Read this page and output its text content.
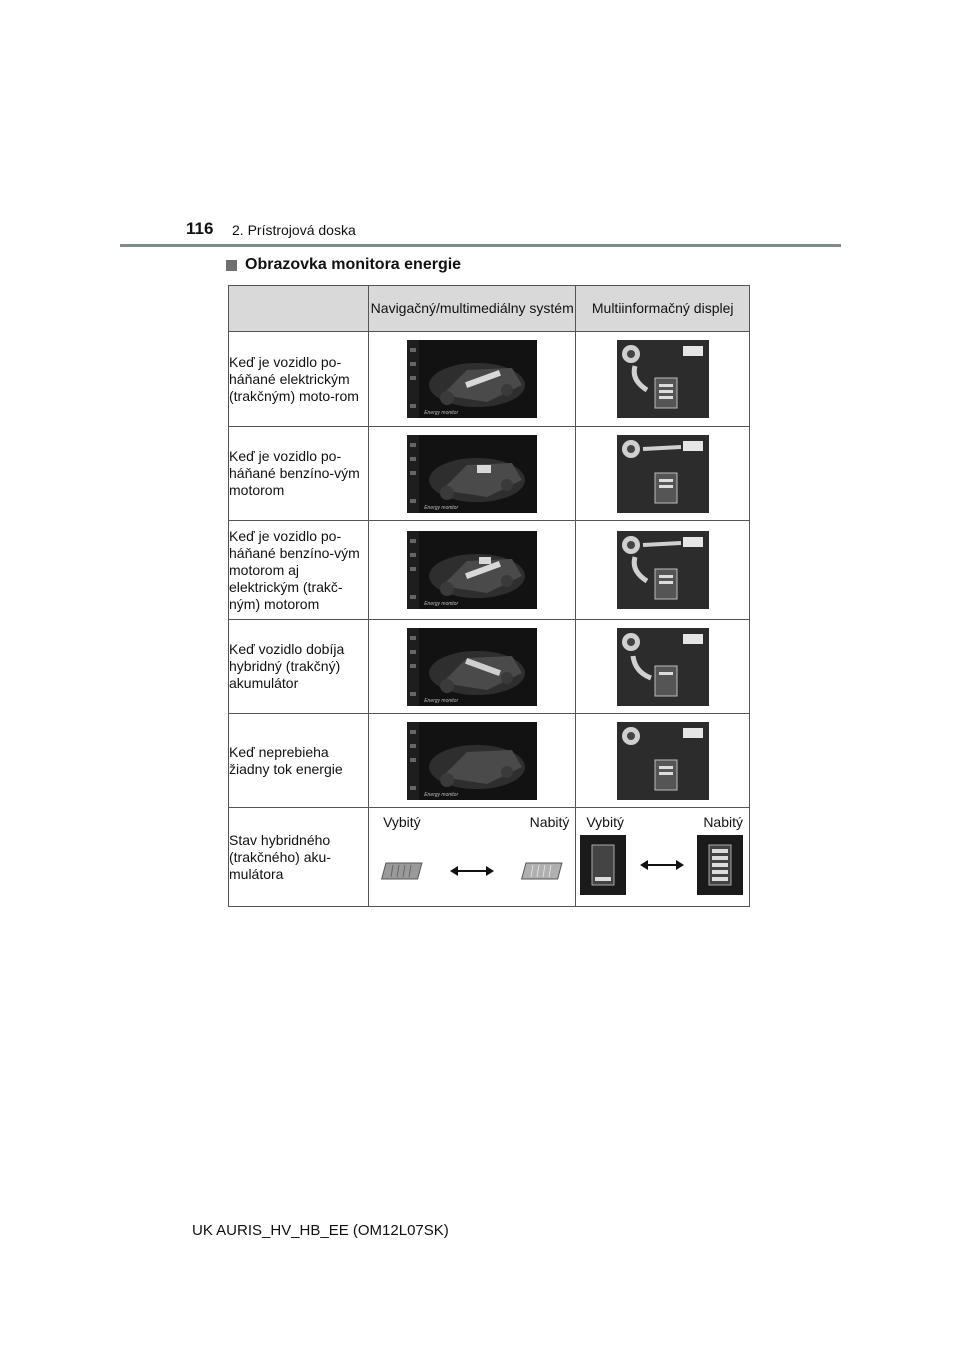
116 2. Prístrojová doska
Obrazovka monitora energie
	Navigačný/multimediálny systém	Multiinformačný displej
Keď je vozidlo po-háňané elektrickým (trakčným) moto-rom	Energy monitor

Keď je vozidlo po-háňané benzíno-vým motorom	Energy monitor

Keď je vozidlo po-háňané benzíno-vým motorom aj elektrickým (trakč-ným) motorom	Energy monitor

Keď vozidlo dobíja hybridný (trakčný) akumulátor	Energy monitor

Keď neprebieha žiadny tok energie	Energy monitor

Stav hybridného (trakčného) aku-mulátora	Vybitý Nabitý	Vybitý Nabitý
UK AURIS_HV_HB_EE (OM12L07SK)
